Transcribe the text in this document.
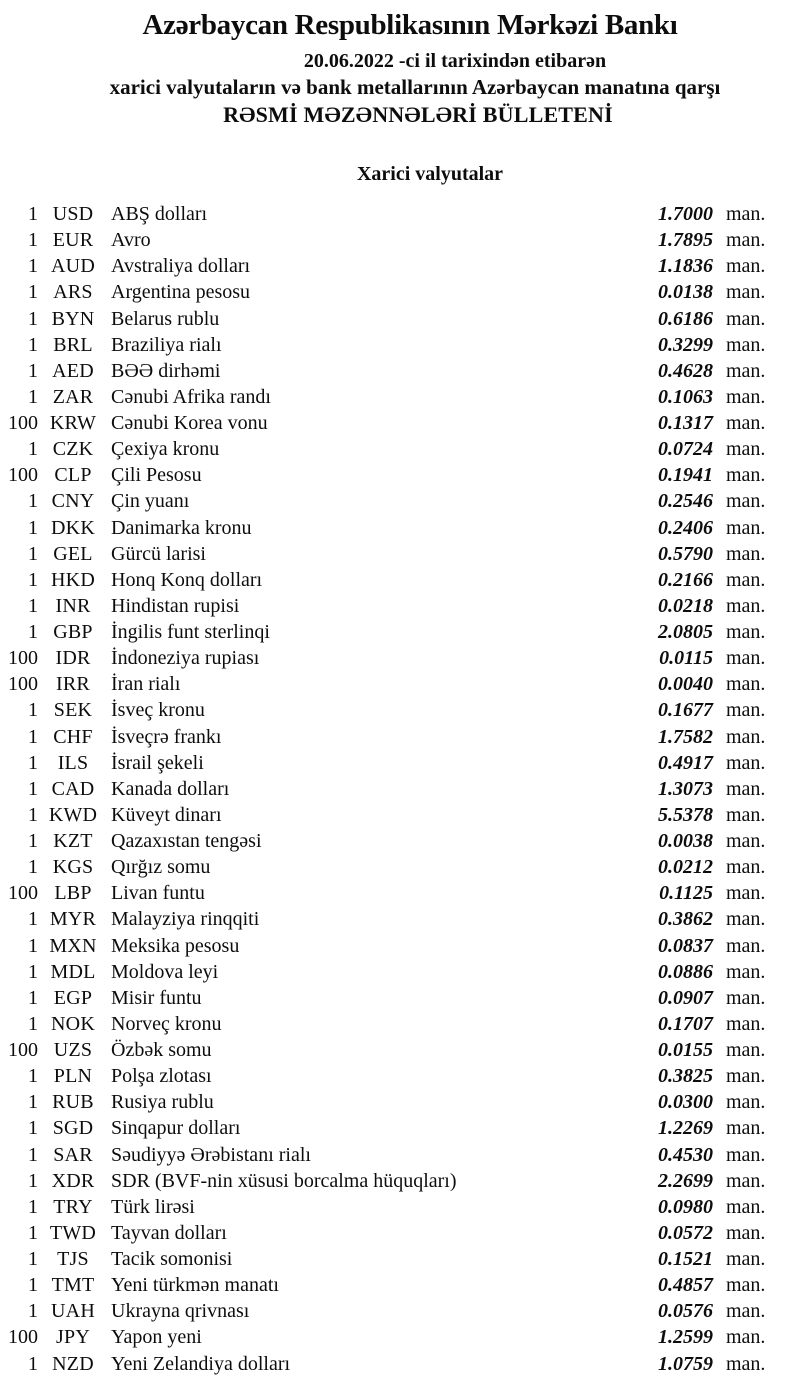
Azərbaycan Respublikasının Mərkəzi Bankı
20.06.2022 -ci il tarixindən etibarən
xarici valyutaların və bank metallarının Azərbaycan manatına qarşı
RƏSMİ MƏZƏNNƏLƏRİ BÜLLETENİ
Xarici valyutalar
1 USD ABŞ dolları	1.7000 man.
1 EUR Avro	1.7895 man.
1 AUD Avstraliya dolları	1.1836 man.
1 ARS Argentina pesosu	0.0138 man.
1 BYN Belarus rublu	0.6186 man.
1 BRL Braziliya rialı	0.3299 man.
1 AED BƏƏ dirhəmi	0.4628 man.
1 ZAR Cənubi Afrika randı	0.1063 man.
100 KRW Cənubi Korea vonu	0.1317 man.
1 CZK Çexiya kronu	0.0724 man.
100 CLP Çili Pesosu	0.1941 man.
1 CNY Çin yuanı	0.2546 man.
1 DKK Danimarka kronu	0.2406 man.
1 GEL Gürcü larisi	0.5790 man.
1 HKD Honq Konq dolları	0.2166 man.
1 INR	Hindistan rupisi	0.0218 man.
1 GBP İngilis funt sterlinqi	2.0805 man.
100 IDR	İndoneziya rupiası	0.0115 man.
100 IRR	İran rialı	0.0040 man.
1 SEK İsveç kronu	0.1677 man.
1 CHF İsveçrə frankı	1.7582 man.
1 ILS	İsrail şekeli	0.4917 man.
1 CAD Kanada dolları	1.3073 man.
1 KWD Küveyt dinarı	5.5378 man.
1 KZT Qazaxıstan tengəsi	0.0038 man.
1 KGS Qırğız somu	0.0212 man.
100 LBP Livan funtu	0.1125 man.
1 MYR Malayziya rinqqiti	0.3862 man.
1 MXN Meksika pesosu	0.0837 man.
1 MDL Moldova leyi	0.0886 man.
1 EGP Misir funtu	0.0907 man.
1 NOK Norveç kronu	0.1707 man.
100 UZS Özbək somu	0.0155 man.
1 PLN Polşa zlotası	0.3825 man.
1 RUB Rusiya rublu	0.0300 man.
1 SGD Sinqapur dolları	1.2269 man.
1 SAR Səudiyyə Ərəbistanı rialı	0.4530 man.
1 XDR SDR (BVF-nin xüsusi borcalma hüquqları)	2.2699 man.
1 TRY Türk lirəsi	0.0980 man.
1 TWD Tayvan dolları	0.0572 man.
1 TJS	Tacik somonisi	0.1521 man.
1 TMT Yeni türkmən manatı	0.4857 man.
1 UAH Ukrayna qrivnası	0.0576 man.
100 JPY	Yapon yeni	1.2599 man.
1 NZD Yeni Zelandiya dolları	1.0759 man.
